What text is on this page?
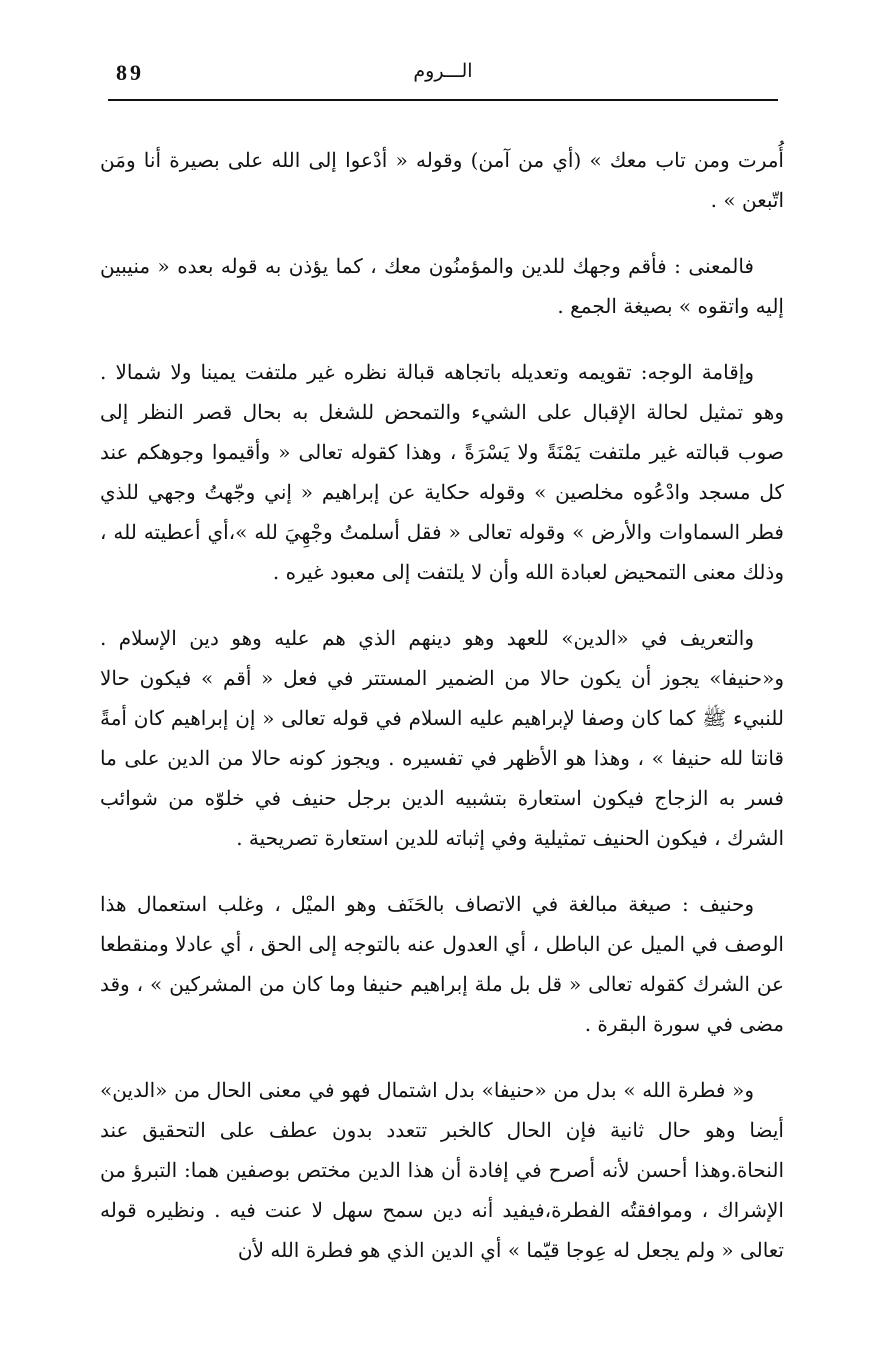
89	الـــروم

أُمرت ومن تاب معك » (أي من آمن) وقوله « أدْعوا إلى الله على بصيرة أنا ومَن اتّبعن » .

فالمعنى : فأقم وجهك للدين والمؤمنُون معك ، كما يؤذن به قوله بعده « منيبين إليه واتقوه » بصيغة الجمع .

وإقامة الوجه: تقويمه وتعديله باتجاهه قبالة نظره غير ملتفت يمينا ولا شمالا . وهو تمثيل لحالة الإقبال على الشيء والتمحض للشغل به بحال قصر النظر إلى صوب قبالته غير ملتفت يَمْنَةً ولا يَسْرَةً ، وهذا كقوله تعالى « وأقيموا وجوهكم عند كل مسجد وادْعُوه مخلصين » وقوله حكاية عن إبراهيم « إني وجّهتُ وجهي للذي فطر السماوات والأرض » وقوله تعالى « فقل أسلمتُ وجْهِيَ لله »،أي أعطيته لله ، وذلك معنى التمحيض لعبادة الله وأن لا يلتفت إلى معبود غيره .

والتعريف في «الدين» للعهد وهو دينهم الذي هم عليه وهو دين الإسلام . و«حنيفا» يجوز أن يكون حالا من الضمير المستتر في فعل « أقم » فيكون حالا للنبيء ﷺ كما كان وصفا لإبراهيم عليه السلام في قوله تعالى « إن إبراهيم كان أمةً قانتا لله حنيفا » ، وهذا هو الأظهر في تفسيره . ويجوز كونه حالا من الدين على ما فسر به الزجاج فيكون استعارة بتشبيه الدين برجل حنيف في خلوّه من شوائب الشرك ، فيكون الحنيف تمثيلية وفي إثباته للدين استعارة تصريحية .

وحنيف : صيغة مبالغة في الاتصاف بالحَنَف وهو الميْل ، وغلب استعمال هذا الوصف في الميل عن الباطل ، أي العدول عنه بالتوجه إلى الحق ، أي عادلا ومنقطعا عن الشرك كقوله تعالى « قل بل ملة إبراهيم حنيفا وما كان من المشركين » ، وقد مضى في سورة البقرة .

و« فطرة الله » بدل من «حنيفا» بدل اشتمال فهو في معنى الحال من «الدين» أيضا وهو حال ثانية فإن الحال كالخبر تتعدد بدون عطف على التحقيق عند النحاة.وهذا أحسن لأنه أصرح في إفادة أن هذا الدين مختص بوصفين هما: التبرؤ من الإشراك ، وموافقتُه الفطرة،فيفيد أنه دين سمح سهل لا عنت فيه . ونظيره قوله تعالى « ولم يجعل له عِوجا قيّما » أي الدين الذي هو فطرة الله لأن
